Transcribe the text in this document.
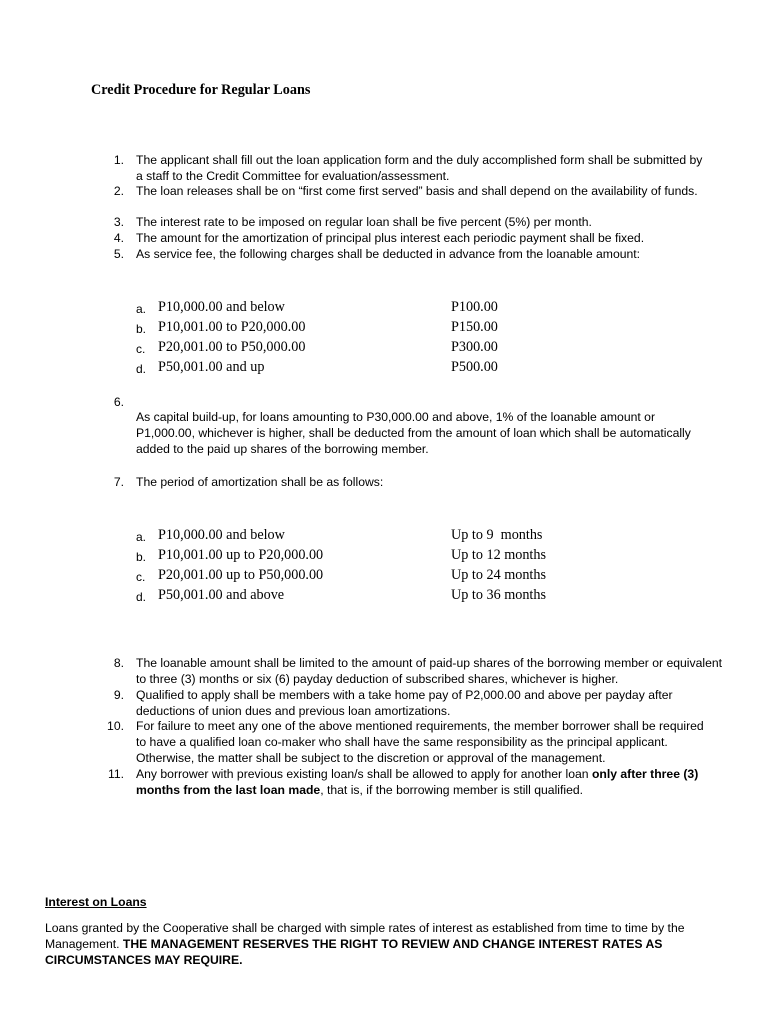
Credit Procedure for Regular Loans
1. The applicant shall fill out the loan application form and the duly accomplished form shall be submitted by a staff to the Credit Committee for evaluation/assessment.
2. The loan releases shall be on “first come first served” basis and shall depend on the availability of funds.
3. The interest rate to be imposed on regular loan shall be five percent (5%) per month.
4. The amount for the amortization of principal plus interest each periodic payment shall be fixed.
5. As service fee, the following charges shall be deducted in advance from the loanable amount:
a. P10,000.00 and below	P100.00
b. P10,001.00 to P20,000.00	P150.00
c. P20,001.00 to P50,000.00	P300.00
d. P50,001.00 and up	P500.00
6.
As capital build-up, for loans amounting to P30,000.00 and above, 1% of the loanable amount or P1,000.00, whichever is higher, shall be deducted from the amount of loan which shall be automatically added to the paid up shares of the borrowing member.
7. The period of amortization shall be as follows:
a. P10,000.00 and below	Up to 9  months
b. P10,001.00 up to P20,000.00	Up to 12 months
c. P20,001.00 up to P50,000.00	Up to 24 months
d. P50,001.00 and above	Up to 36 months
8. The loanable amount shall be limited to the amount of paid-up shares of the borrowing member or equivalent to three (3) months or six (6) payday deduction of subscribed shares, whichever is higher.
9. Qualified to apply shall be members with a take home pay of P2,000.00 and above per payday after deductions of union dues and previous loan amortizations.
10. For failure to meet any one of the above mentioned requirements, the member borrower shall be required to have a qualified loan co-maker who shall have the same responsibility as the principal applicant. Otherwise, the matter shall be subject to the discretion or approval of the management.
11. Any borrower with previous existing loan/s shall be allowed to apply for another loan only after three (3) months from the last loan made, that is, if the borrowing member is still qualified.
Interest on Loans
Loans granted by the Cooperative shall be charged with simple rates of interest as established from time to time by the Management. THE MANAGEMENT RESERVES THE RIGHT TO REVIEW AND CHANGE INTEREST RATES AS CIRCUMSTANCES MAY REQUIRE.
